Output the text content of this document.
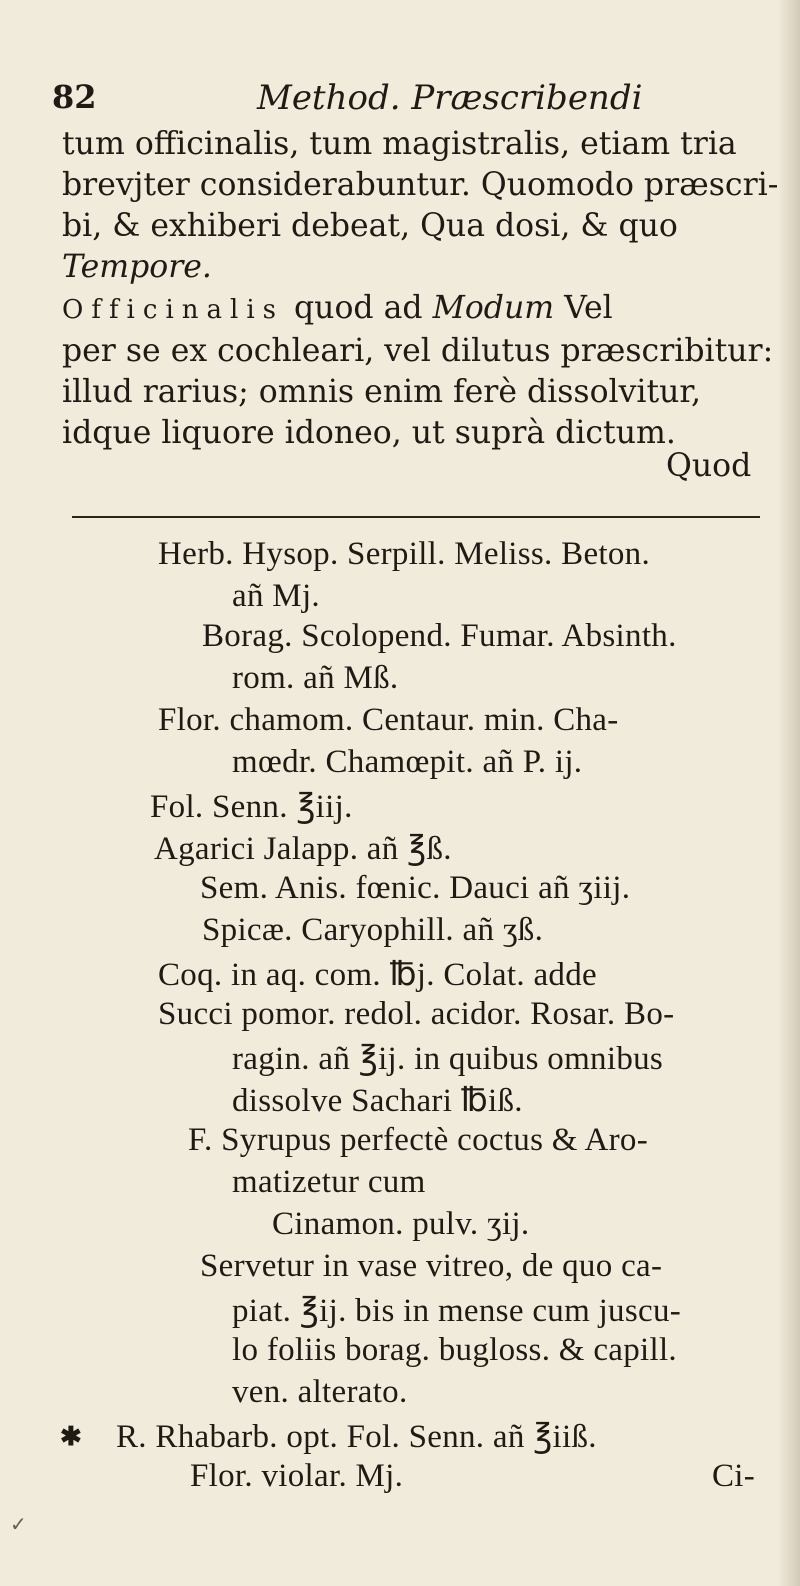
82	Method. Præscribendi
tum officinalis, tum magistralis, etiam tria
brevjter considerabuntur. Quomodo præscri-
bi, & exhiberi debeat, Qua dosi, & quo
Tempore.
Officinalis quod ad Modum Vel
per se ex cochleari, vel dilutus præscribitur:
illud rarius; omnis enim ferè dissolvitur,
idque liquore idoneo, ut suprà dictum.
Quod
Herb. Hysop. Serpill. Meliss. Beton.
añ Mj.
Borag. Scolopend. Fumar. Absinth.
rom. añ Mß.
Flor. chamom. Centaur. min. Cha-
mœdr. Chamœpit. añ P. ij.
Fol. Senn. ℥iij.
Agarici Jalapp. añ ℥ß.
Sem. Anis. fœnic. Dauci añ ʒiij.
Spicæ. Caryophill. añ ʒß.
Coq. in aq. com. ℔j. Colat. adde
Succi pomor. redol. acidor. Rosar. Bo-
ragin. añ ℥ij. in quibus omnibus
dissolve Sachari ℔iß.
F. Syrupus perfectè coctus & Aro-
matizetur cum
Cinamon. pulv. ʒij.
Servetur in vase vitreo, de quo ca-
piat. ℥ij. bis in mense cum juscu-
lo foliis borag. bugloss. & capill.
ven. alterato.
✱ R. Rhabarb. opt. Fol. Senn. añ ℥iiß.
Flor. violar. Mj.	Ci-
✓
